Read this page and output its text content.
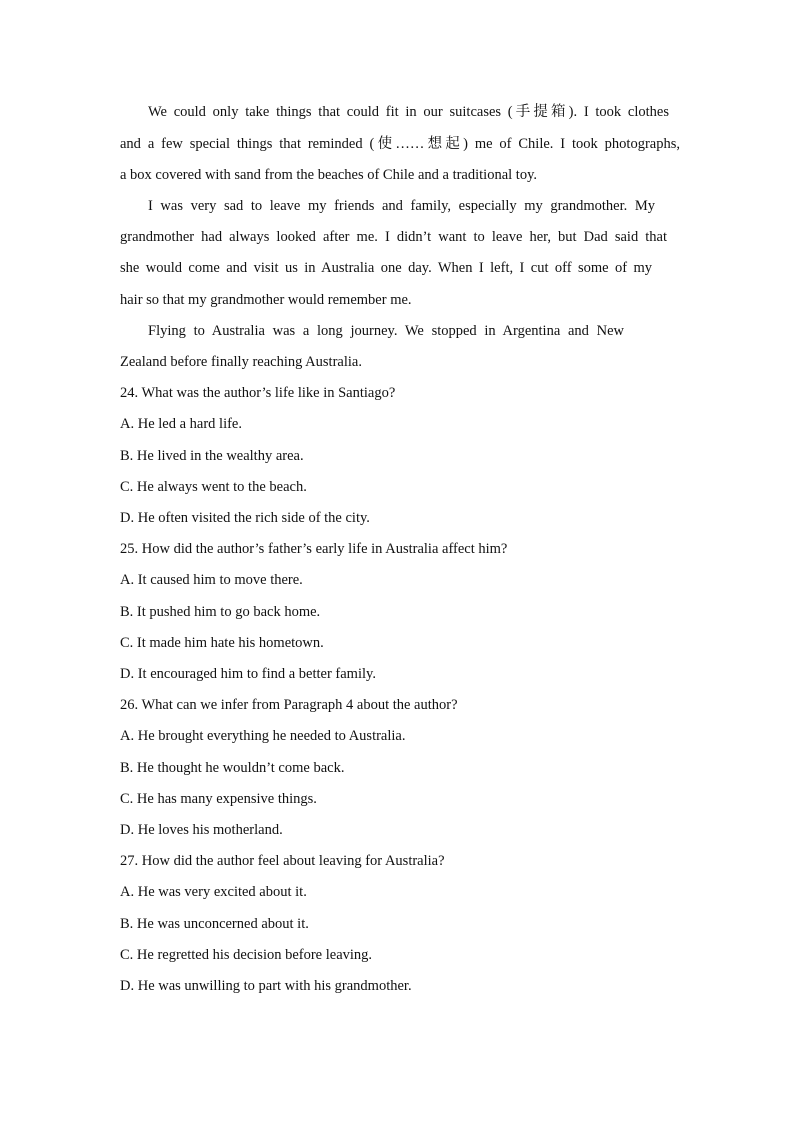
We could only take things that could fit in our suitcases (手提箱). I took clothes
and a few special things that reminded (使……想起) me of Chile. I took photographs,
a box covered with sand from the beaches of Chile and a traditional toy.
I was very sad to leave my friends and family, especially my grandmother. My
grandmother had always looked after me. I didn’t want to leave her, but Dad said that
she would come and visit us in Australia one day. When I left, I cut off some of my
hair so that my grandmother would remember me.
Flying to Australia was a long journey. We stopped in Argentina and New
Zealand before finally reaching Australia.
24. What was the author’s life like in Santiago?
A. He led a hard life.
B. He lived in the wealthy area.
C. He always went to the beach.
D. He often visited the rich side of the city.
25. How did the author’s father’s early life in Australia affect him?
A. It caused him to move there.
B. It pushed him to go back home.
C. It made him hate his hometown.
D. It encouraged him to find a better family.
26. What can we infer from Paragraph 4 about the author?
A. He brought everything he needed to Australia.
B. He thought he wouldn’t come back.
C. He has many expensive things.
D. He loves his motherland.
27. How did the author feel about leaving for Australia?
A. He was very excited about it.
B. He was unconcerned about it.
C. He regretted his decision before leaving.
D. He was unwilling to part with his grandmother.
